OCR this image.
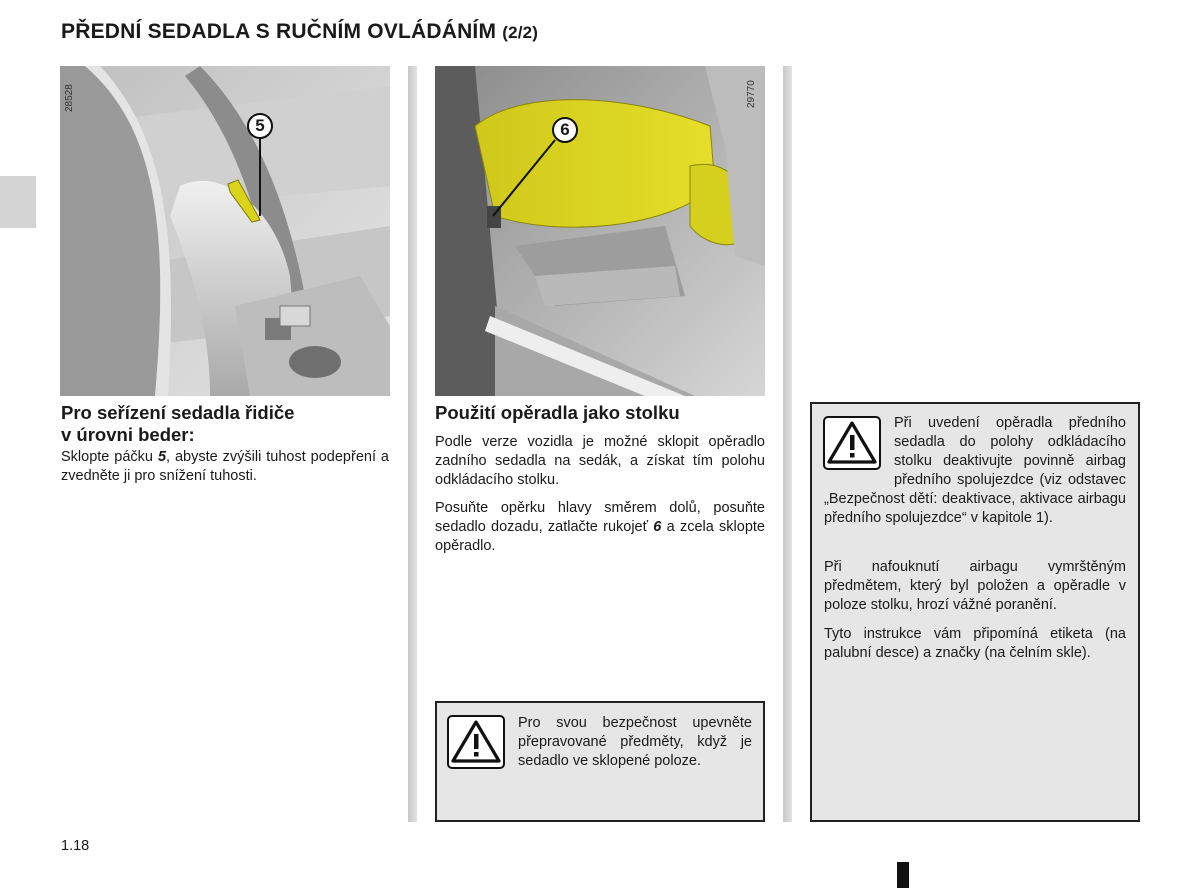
PŘEDNÍ SEDADLA S RUČNÍM OVLÁDÁNÍM (2/2)
5
28528
6
29770
Pro seřízení sedadla řidiče
v úrovni beder:

Sklopte páčku 5, abyste zvýšili tuhost podepření a zvedněte ji pro snížení tuhosti.

Použití opěradla jako stolku

Podle verze vozidla je možné sklopit opěradlo zadního sedadla na sedák, a získat tím polohu odkládacího stolku.

Posuňte opěrku hlavy směrem dolů, posuňte sedadlo dozadu, zatlačte rukojeť 6 a zcela sklopte opěradlo.

Pro svou bezpečnost upevněte přepravované předměty, když je sedadlo ve sklopené poloze.

Při uvedení opěradla předního sedadla do polohy odkládacího stolku deaktivujte povinně airbag předního spolujezdce (viz odstavec „Bezpečnost dětí: deaktivace, aktivace airbagu předního spolujezdce“ v kapitole 1).

Při nafouknutí airbagu vymrštěným předmětem, který byl položen a opěradle v poloze stolku, hrozí vážné poranění.

Tyto instrukce vám připomíná etiketa (na palubní desce) a značky (na čelním skle).

1.18
